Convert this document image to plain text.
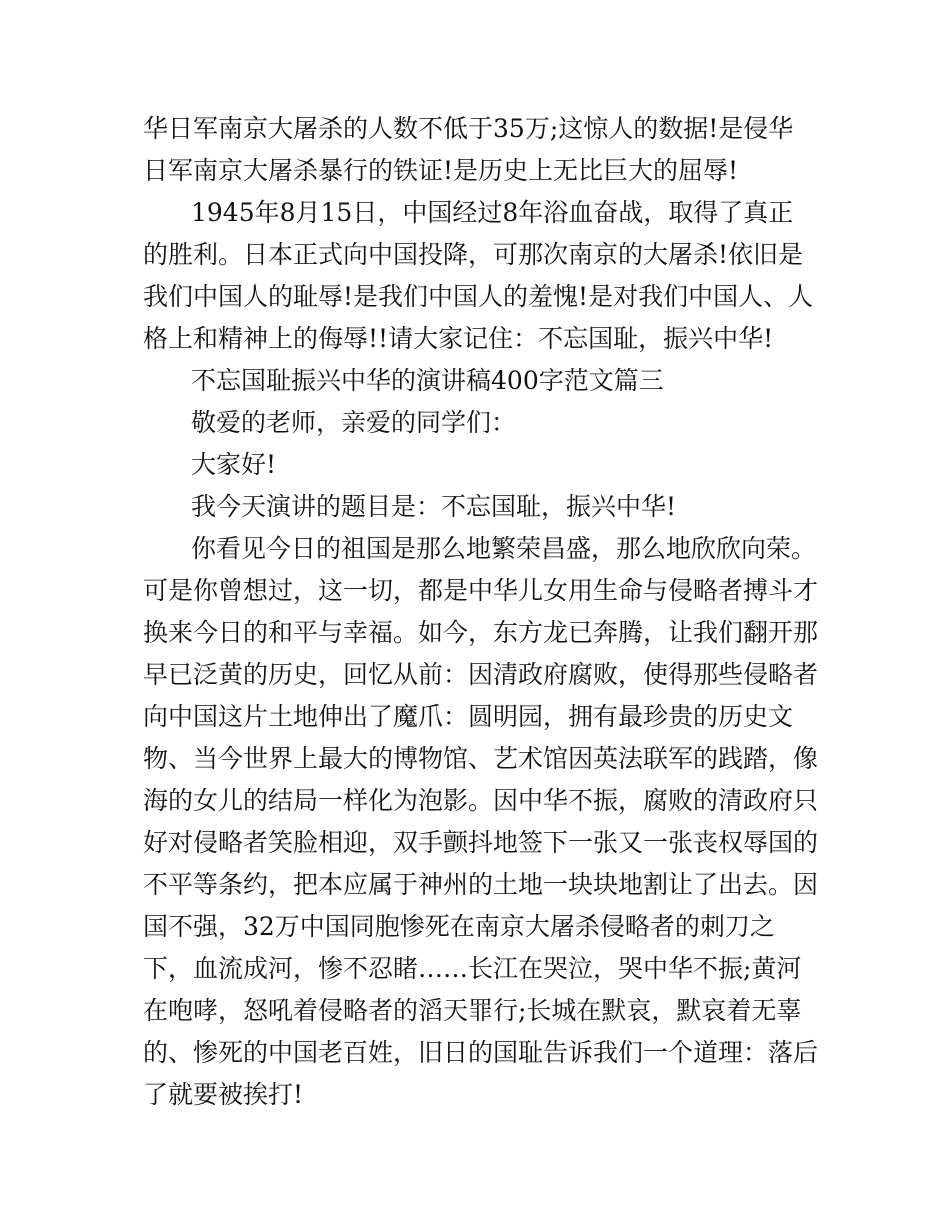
华日军南京大屠杀的人数不低于35万;这惊人的数据!是侵华
日军南京大屠杀暴行的铁证!是历史上无比巨大的屈辱!
1945年8月15日，中国经过8年浴血奋战，取得了真正
的胜利。日本正式向中国投降，可那次南京的大屠杀!依旧是
我们中国人的耻辱!是我们中国人的羞愧!是对我们中国人、人
格上和精神上的侮辱!!请大家记住：不忘国耻，振兴中华!
不忘国耻振兴中华的演讲稿400字范文篇三
敬爱的老师，亲爱的同学们：
大家好!
我今天演讲的题目是：不忘国耻，振兴中华!
你看见今日的祖国是那么地繁荣昌盛，那么地欣欣向荣。
可是你曾想过，这一切，都是中华儿女用生命与侵略者搏斗才
换来今日的和平与幸福。如今，东方龙已奔腾，让我们翻开那
早已泛黄的历史，回忆从前：因清政府腐败，使得那些侵略者
向中国这片土地伸出了魔爪：圆明园，拥有最珍贵的历史文
物、当今世界上最大的博物馆、艺术馆因英法联军的践踏，像
海的女儿的结局一样化为泡影。因中华不振，腐败的清政府只
好对侵略者笑脸相迎，双手颤抖地签下一张又一张丧权辱国的
不平等条约，把本应属于神州的土地一块块地割让了出去。因
国不强，32万中国同胞惨死在南京大屠杀侵略者的刺刀之
下，血流成河，惨不忍睹……长江在哭泣，哭中华不振;黄河
在咆哮，怒吼着侵略者的滔天罪行;长城在默哀，默哀着无辜
的、惨死的中国老百姓，旧日的国耻告诉我们一个道理：落后
了就要被挨打!
